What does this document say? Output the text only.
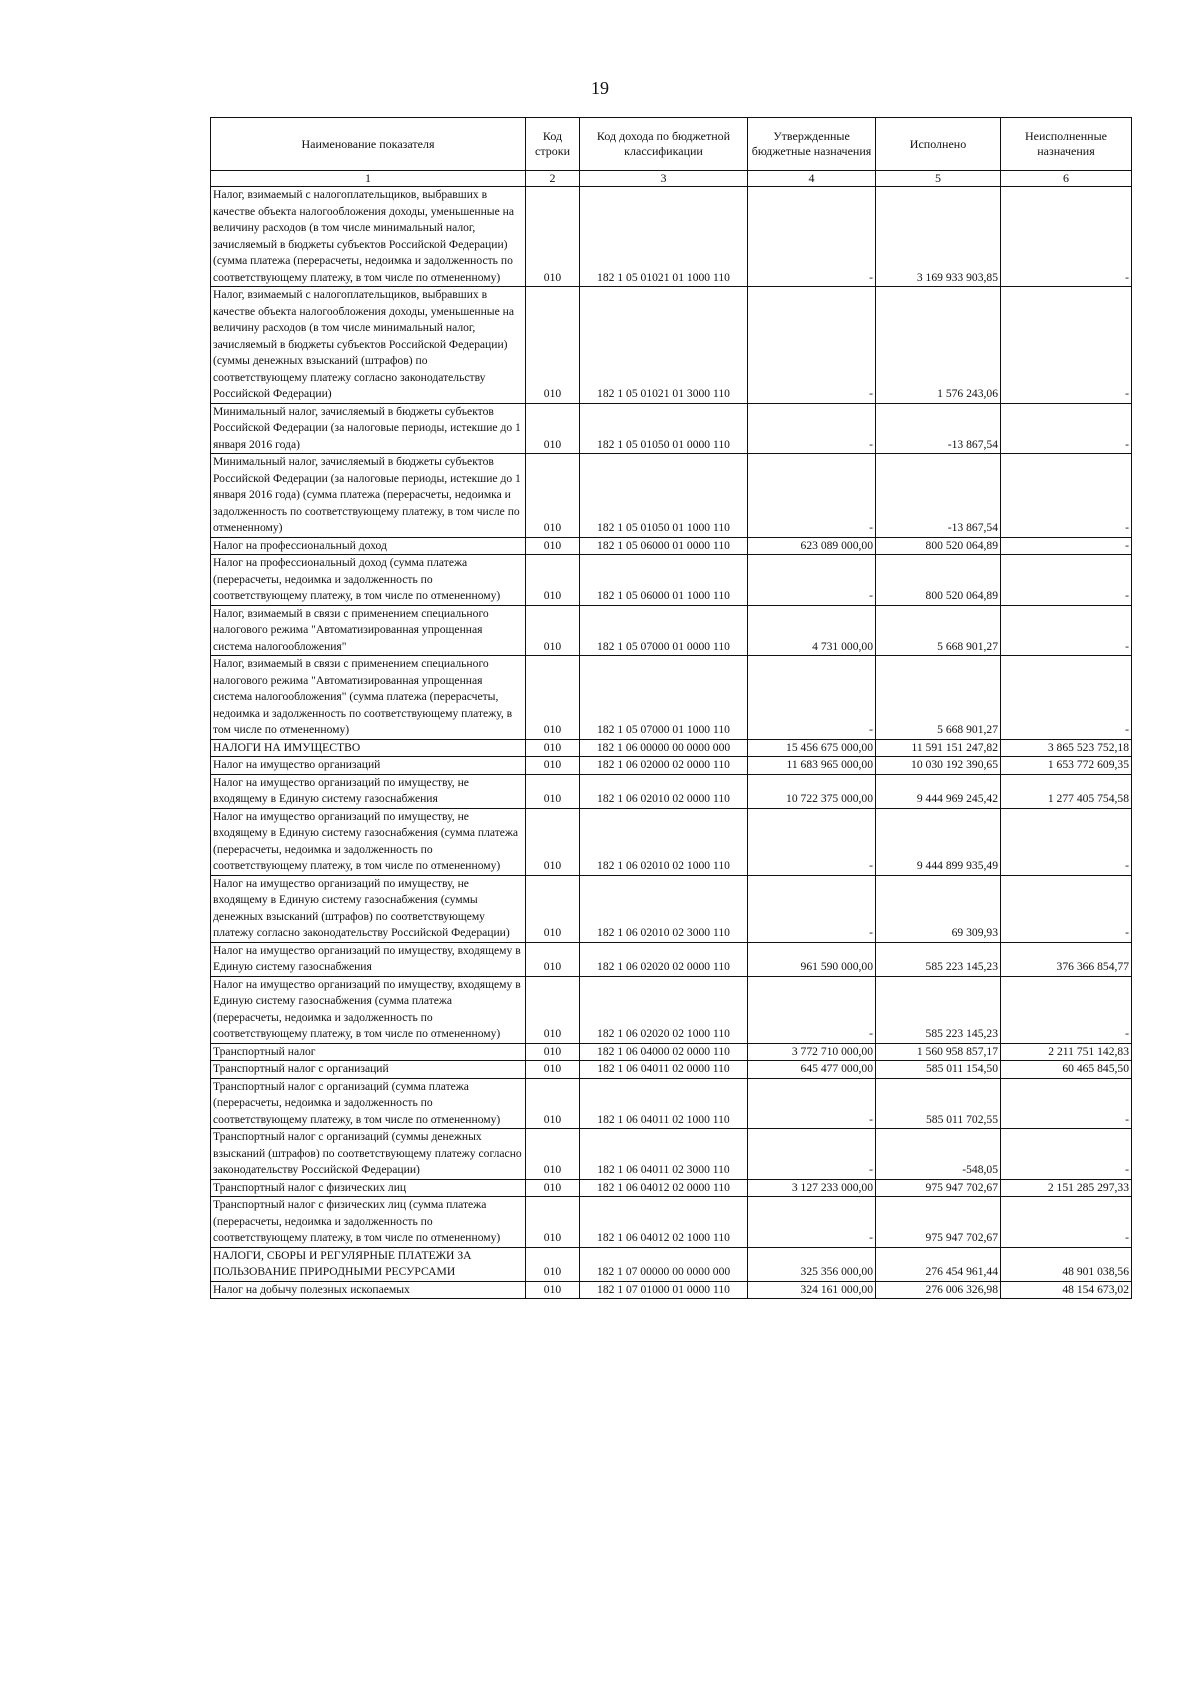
19
Наименование показателя	Код строки	Код дохода по бюджетной классификации	Утвержденные бюджетные назначения	Исполнено	Неисполненные назначения
1	2	3	4	5	6
Налог, взимаемый с налогоплательщиков, выбравших в качестве объекта налогообложения доходы, уменьшенные на величину расходов (в том числе минимальный налог, зачисляемый в бюджеты субъектов Российской Федерации) (сумма платежа (перерасчеты, недоимка и задолженность по соответствующему платежу, в том числе по отмененному)	010	182 1 05 01021 01 1000 110	-	3 169 933 903,85	-
Налог, взимаемый с налогоплательщиков, выбравших в качестве объекта налогообложения доходы, уменьшенные на величину расходов (в том числе минимальный налог, зачисляемый в бюджеты субъектов Российской Федерации) (суммы денежных взысканий (штрафов) по соответствующему платежу согласно законодательству Российской Федерации)	010	182 1 05 01021 01 3000 110	-	1 576 243,06	-
Минимальный налог, зачисляемый в бюджеты субъектов Российской Федерации (за налоговые периоды, истекшие до 1 января 2016 года)	010	182 1 05 01050 01 0000 110	-	-13 867,54	-
Минимальный налог, зачисляемый в бюджеты субъектов Российской Федерации (за налоговые периоды, истекшие до 1 января 2016 года) (сумма платежа (перерасчеты, недоимка и задолженность по соответствующему платежу, в том числе по отмененному)	010	182 1 05 01050 01 1000 110	-	-13 867,54	-
Налог на профессиональный доход	010	182 1 05 06000 01 0000 110	623 089 000,00	800 520 064,89	-
Налог на профессиональный доход (сумма платежа (перерасчеты, недоимка и задолженность по соответствующему платежу, в том числе по отмененному)	010	182 1 05 06000 01 1000 110	-	800 520 064,89	-
Налог, взимаемый в связи с применением специального налогового режима "Автоматизированная упрощенная система налогообложения"	010	182 1 05 07000 01 0000 110	4 731 000,00	5 668 901,27	-
Налог, взимаемый в связи с применением специального налогового режима "Автоматизированная упрощенная система налогообложения" (сумма платежа (перерасчеты, недоимка и задолженность по соответствующему платежу, в том числе по отмененному)	010	182 1 05 07000 01 1000 110	-	5 668 901,27	-
НАЛОГИ НА ИМУЩЕСТВО	010	182 1 06 00000 00 0000 000	15 456 675 000,00	11 591 151 247,82	3 865 523 752,18
Налог на имущество организаций	010	182 1 06 02000 02 0000 110	11 683 965 000,00	10 030 192 390,65	1 653 772 609,35
Налог на имущество организаций по имуществу, не входящему в Единую систему газоснабжения	010	182 1 06 02010 02 0000 110	10 722 375 000,00	9 444 969 245,42	1 277 405 754,58
Налог на имущество организаций по имуществу, не входящему в Единую систему газоснабжения (сумма платежа (перерасчеты, недоимка и задолженность по соответствующему платежу, в том числе по отмененному)	010	182 1 06 02010 02 1000 110	-	9 444 899 935,49	-
Налог на имущество организаций по имуществу, не входящему в Единую систему газоснабжения (суммы денежных взысканий (штрафов) по соответствующему платежу согласно законодательству Российской Федерации)	010	182 1 06 02010 02 3000 110	-	69 309,93	-
Налог на имущество организаций по имуществу, входящему в Единую систему газоснабжения	010	182 1 06 02020 02 0000 110	961 590 000,00	585 223 145,23	376 366 854,77
Налог на имущество организаций по имуществу, входящему в Единую систему газоснабжения (сумма платежа (перерасчеты, недоимка и задолженность по соответствующему платежу, в том числе по отмененному)	010	182 1 06 02020 02 1000 110	-	585 223 145,23	-
Транспортный налог	010	182 1 06 04000 02 0000 110	3 772 710 000,00	1 560 958 857,17	2 211 751 142,83
Транспортный налог с организаций	010	182 1 06 04011 02 0000 110	645 477 000,00	585 011 154,50	60 465 845,50
Транспортный налог с организаций (сумма платежа (перерасчеты, недоимка и задолженность по соответствующему платежу, в том числе по отмененному)	010	182 1 06 04011 02 1000 110	-	585 011 702,55	-
Транспортный налог с организаций (суммы денежных взысканий (штрафов) по соответствующему платежу согласно законодательству Российской Федерации)	010	182 1 06 04011 02 3000 110	-	-548,05	-
Транспортный налог с физических лиц	010	182 1 06 04012 02 0000 110	3 127 233 000,00	975 947 702,67	2 151 285 297,33
Транспортный налог с физических лиц (сумма платежа (перерасчеты, недоимка и задолженность по соответствующему платежу, в том числе по отмененному)	010	182 1 06 04012 02 1000 110	-	975 947 702,67	-
НАЛОГИ, СБОРЫ И РЕГУЛЯРНЫЕ ПЛАТЕЖИ ЗА ПОЛЬЗОВАНИЕ ПРИРОДНЫМИ РЕСУРСАМИ	010	182 1 07 00000 00 0000 000	325 356 000,00	276 454 961,44	48 901 038,56
Налог на добычу полезных ископаемых	010	182 1 07 01000 01 0000 110	324 161 000,00	276 006 326,98	48 154 673,02
